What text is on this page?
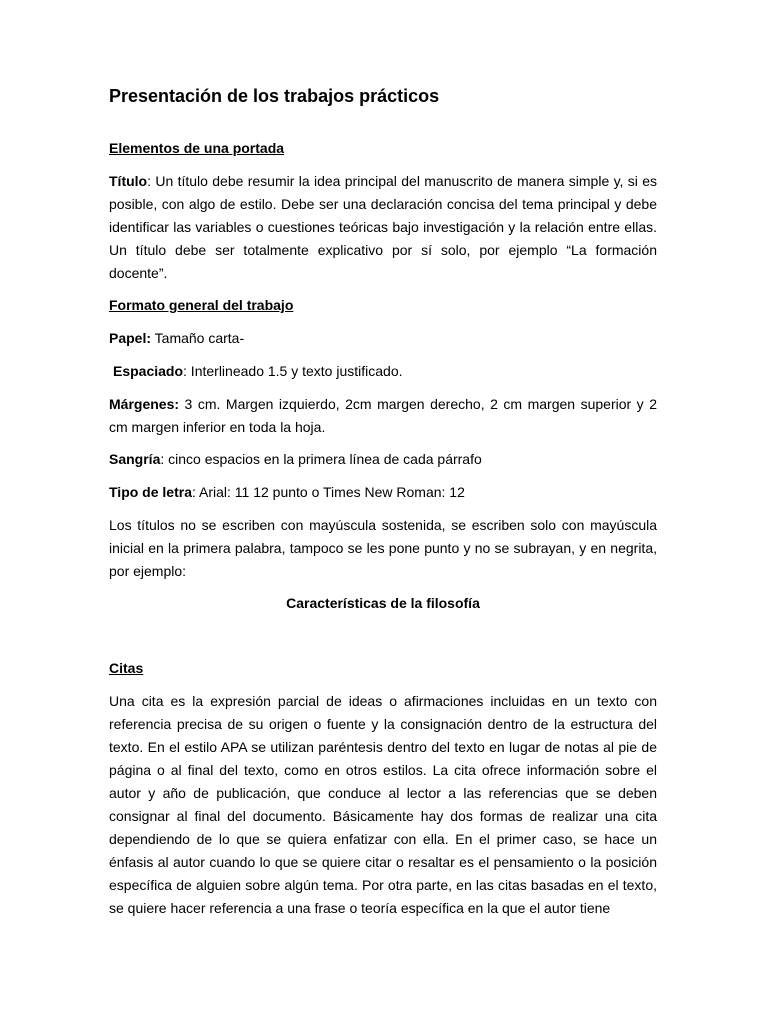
Presentación de los trabajos prácticos

Elementos de una portada

Título: Un título debe resumir la idea principal del manuscrito de manera simple y, si es posible, con algo de estilo. Debe ser una declaración concisa del tema principal y debe identificar las variables o cuestiones teóricas bajo investigación y la relación entre ellas. Un título debe ser totalmente explicativo por sí solo, por ejemplo “La formación docente”.

Formato general del trabajo

Papel: Tamaño carta-

Espaciado: Interlineado 1.5 y texto justificado.

Márgenes: 3 cm. Margen izquierdo, 2cm margen derecho, 2 cm margen superior y 2 cm margen inferior en toda la hoja.

Sangría: cinco espacios en la primera línea de cada párrafo

Tipo de letra: Arial: 11 12 punto o Times New Roman: 12

Los títulos no se escriben con mayúscula sostenida, se escriben solo con mayúscula inicial en la primera palabra, tampoco se les pone punto y no se subrayan, y en negrita, por ejemplo:

Características de la filosofía

Citas

Una cita es la expresión parcial de ideas o afirmaciones incluidas en un texto con referencia precisa de su origen o fuente y la consignación dentro de la estructura del texto. En el estilo APA se utilizan paréntesis dentro del texto en lugar de notas al pie de página o al final del texto, como en otros estilos. La cita ofrece información sobre el autor y año de publicación, que conduce al lector a las referencias que se deben consignar al final del documento. Básicamente hay dos formas de realizar una cita dependiendo de lo que se quiera enfatizar con ella. En el primer caso, se hace un énfasis al autor cuando lo que se quiere citar o resaltar es el pensamiento o la posición específica de alguien sobre algún tema. Por otra parte, en las citas basadas en el texto, se quiere hacer referencia a una frase o teoría específica en la que el autor tiene
